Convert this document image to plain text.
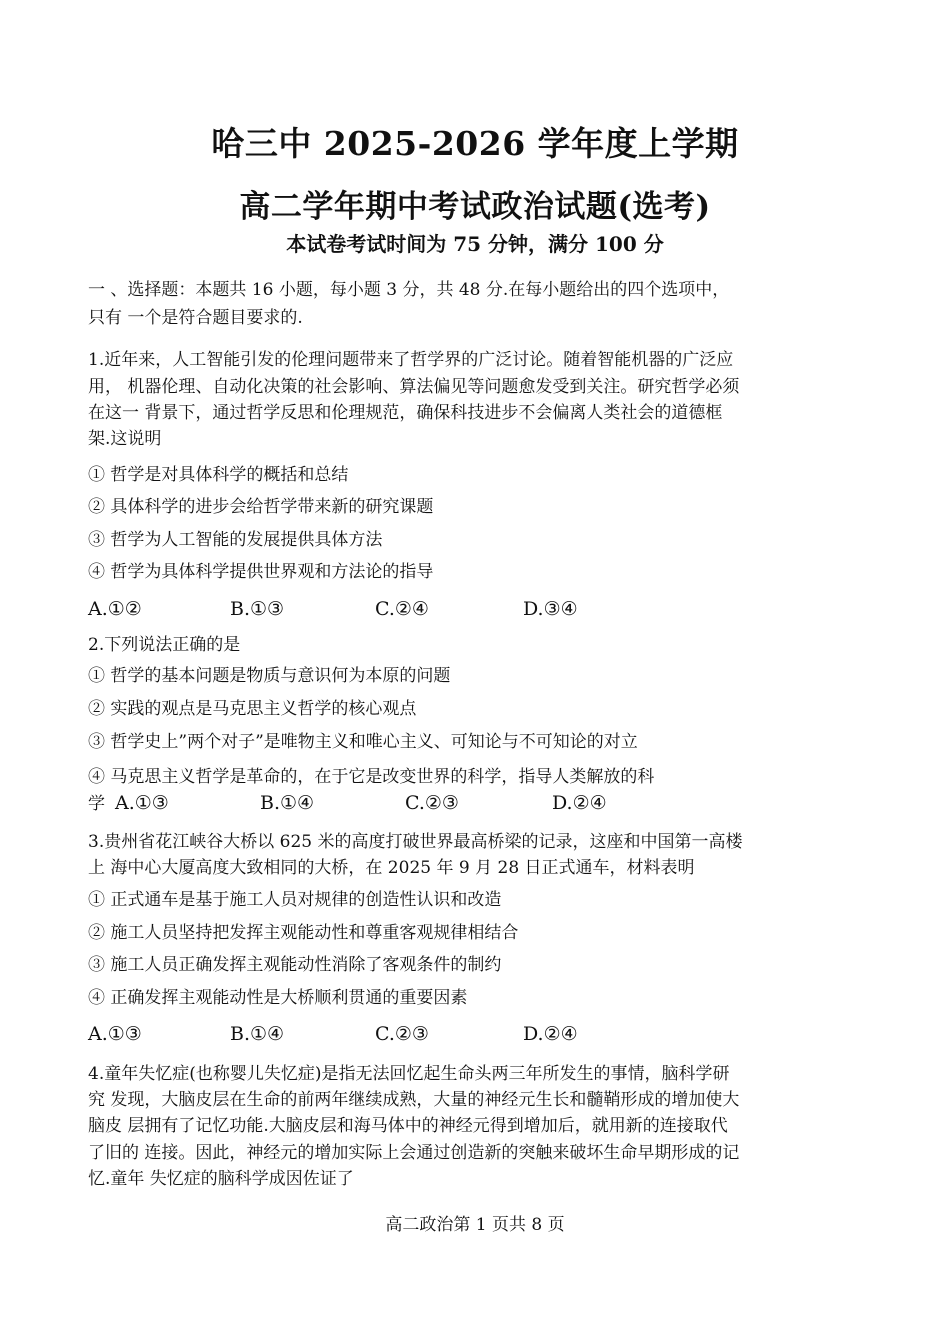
哈三中 2025-2026 学年度上学期
高二学年期中考试政治试题(选考)
本试卷考试时间为 75 分钟，满分 100 分
一 、选择题：本题共 16 小题，每小题 3 分，共 48 分.在每小题给出的四个选项中，
只有 一个是符合题目要求的.
1.近年来，人工智能引发的伦理问题带来了哲学界的广泛讨论。随着智能机器的广泛应
用， 机器伦理、自动化决策的社会影响、算法偏见等问题愈发受到关注。研究哲学必须
在这一 背景下，通过哲学反思和伦理规范，确保科技进步不会偏离人类社会的道德框
架.这说明
① 哲学是对具体科学的概括和总结
② 具体科学的进步会给哲学带来新的研究课题
③ 哲学为人工智能的发展提供具体方法
④ 哲学为具体科学提供世界观和方法论的指导
A.①②	B.①③	C.②④	D.③④
2.下列说法正确的是
① 哲学的基本问题是物质与意识何为本原的问题
② 实践的观点是马克思主义哲学的核心观点
③ 哲学史上”两个对子”是唯物主义和唯心主义、可知论与不可知论的对立
④ 马克思主义哲学是革命的，在于它是改变世界的科学，指导人类解放的科
学 A.①③	B.①④	C.②③	D.②④
3.贵州省花江峡谷大桥以 625 米的高度打破世界最高桥梁的记录，这座和中国第一高楼
上 海中心大厦高度大致相同的大桥，在 2025 年 9 月 28 日正式通车，材料表明
① 正式通车是基于施工人员对规律的创造性认识和改造
② 施工人员坚持把发挥主观能动性和尊重客观规律相结合
③ 施工人员正确发挥主观能动性消除了客观条件的制约
④ 正确发挥主观能动性是大桥顺利贯通的重要因素
A.①③	B.①④	C.②③	D.②④
4.童年失忆症(也称婴儿失忆症)是指无法回忆起生命头两三年所发生的事情，脑科学研
究 发现，大脑皮层在生命的前两年继续成熟，大量的神经元生长和髓鞘形成的增加使大
脑皮 层拥有了记忆功能.大脑皮层和海马体中的神经元得到增加后，就用新的连接取代
了旧的 连接。因此，神经元的增加实际上会通过创造新的突触来破坏生命早期形成的记
忆.童年 失忆症的脑科学成因佐证了
高二政治第 1 页共 8 页
